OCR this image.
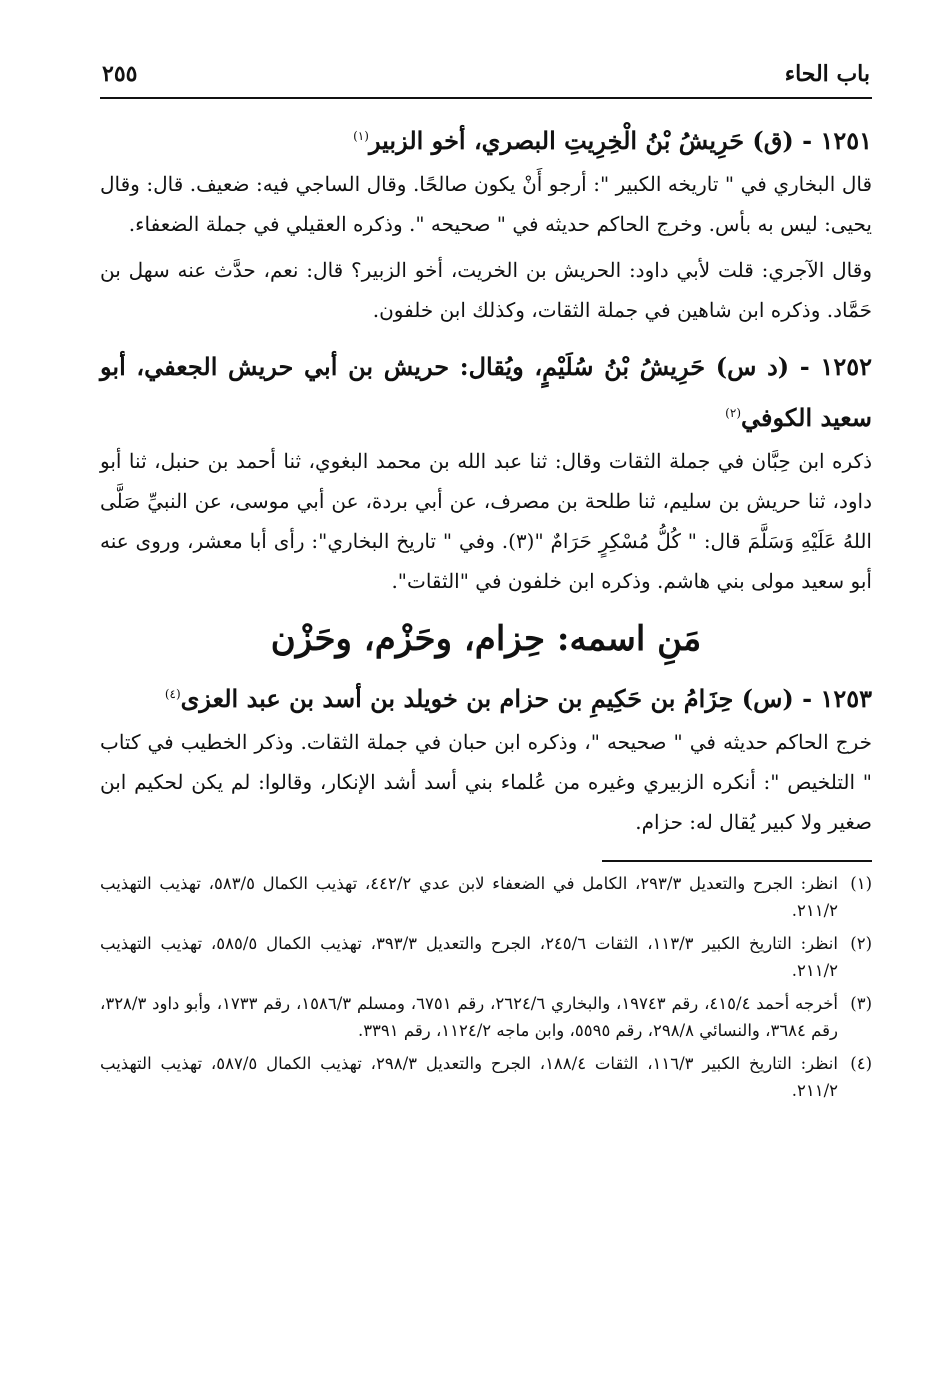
باب الحاء
٢٥٥
١٢٥١ - (ق) حَرِيشُ بْنُ الْخِرِيتِ البصري، أخو الزبير$^{(١)}$

قال البخاري في " تاريخه الكبير ": أرجو أَنْ يكون صالحًا. وقال الساجي فيه: ضعيف. قال: وقال يحيى: ليس به بأس. وخرج الحاكم حديثه في " صحيحه ". وذكره العقيلي في جملة الضعفاء.

وقال الآجري: قلت لأبي داود: الحريش بن الخريت، أخو الزبير؟ قال: نعم، حدَّث عنه سهل بن حَمَّاد. وذكره ابن شاهين في جملة الثقات، وكذلك ابن خلفون.

١٢٥٢ - (د س) حَرِيشُ بْنُ سُلَيْمٍ، ويُقال: حريش بن أبي حريش الجعفي، أبو سعيد الكوفي$^{(٢)}$

ذكره ابن حِبَّان في جملة الثقات وقال: ثنا عبد الله بن محمد البغوي، ثنا أحمد بن حنبل، ثنا أبو داود، ثنا حريش بن سليم، ثنا طلحة بن مصرف، عن أبي بردة، عن أبي موسى، عن النبيِّ صَلَّى اللهُ عَلَيْهِ وَسَلَّمَ قال: " كُلُّ مُسْكِرٍ حَرَامٌ "(٣). وفي " تاريخ البخاري": رأى أبا معشر، وروى عنه أبو سعيد مولى بني هاشم. وذكره ابن خلفون في "الثقات".

مَنِ اسمه: حِزام، وحَزْم، وحَزْن
١٢٥٣ - (س) حِزَامُ بن حَكِيمِ بن حزام بن خويلد بن أسد بن عبد العزى$^{(٤)}$

خرج الحاكم حديثه في " صحيحه "، وذكره ابن حبان في جملة الثقات. وذكر الخطيب في كتاب " التلخيص ": أنكره الزبيري وغيره من عُلماء بني أسد أشد الإنكار، وقالوا: لم يكن لحكيم ابن صغير ولا كبير يُقال له: حزام.

(١)
انظر: الجرح والتعديل ٢٩٣/٣، الكامل في الضعفاء لابن عدي ٤٤٢/٢، تهذيب الكمال ٥٨٣/٥، تهذيب التهذيب ٢١١/٢.
(٢)
انظر: التاريخ الكبير ١١٣/٣، الثقات ٢٤٥/٦، الجرح والتعديل ٣٩٣/٣، تهذيب الكمال ٥٨٥/٥، تهذيب التهذيب ٢١١/٢.
(٣)
أخرجه أحمد ٤١٥/٤، رقم ١٩٧٤٣، والبخاري ٢٦٢٤/٦، رقم ٦٧٥١، ومسلم ١٥٨٦/٣، رقم ١٧٣٣، وأبو داود ٣٢٨/٣، رقم ٣٦٨٤، والنسائي ٢٩٨/٨، رقم ٥٥٩٥، وابن ماجه ١١٢٤/٢، رقم ٣٣٩١.
(٤)
انظر: التاريخ الكبير ١١٦/٣، الثقات ١٨٨/٤، الجرح والتعديل ٢٩٨/٣، تهذيب الكمال ٥٨٧/٥، تهذيب التهذيب ٢١١/٢.
